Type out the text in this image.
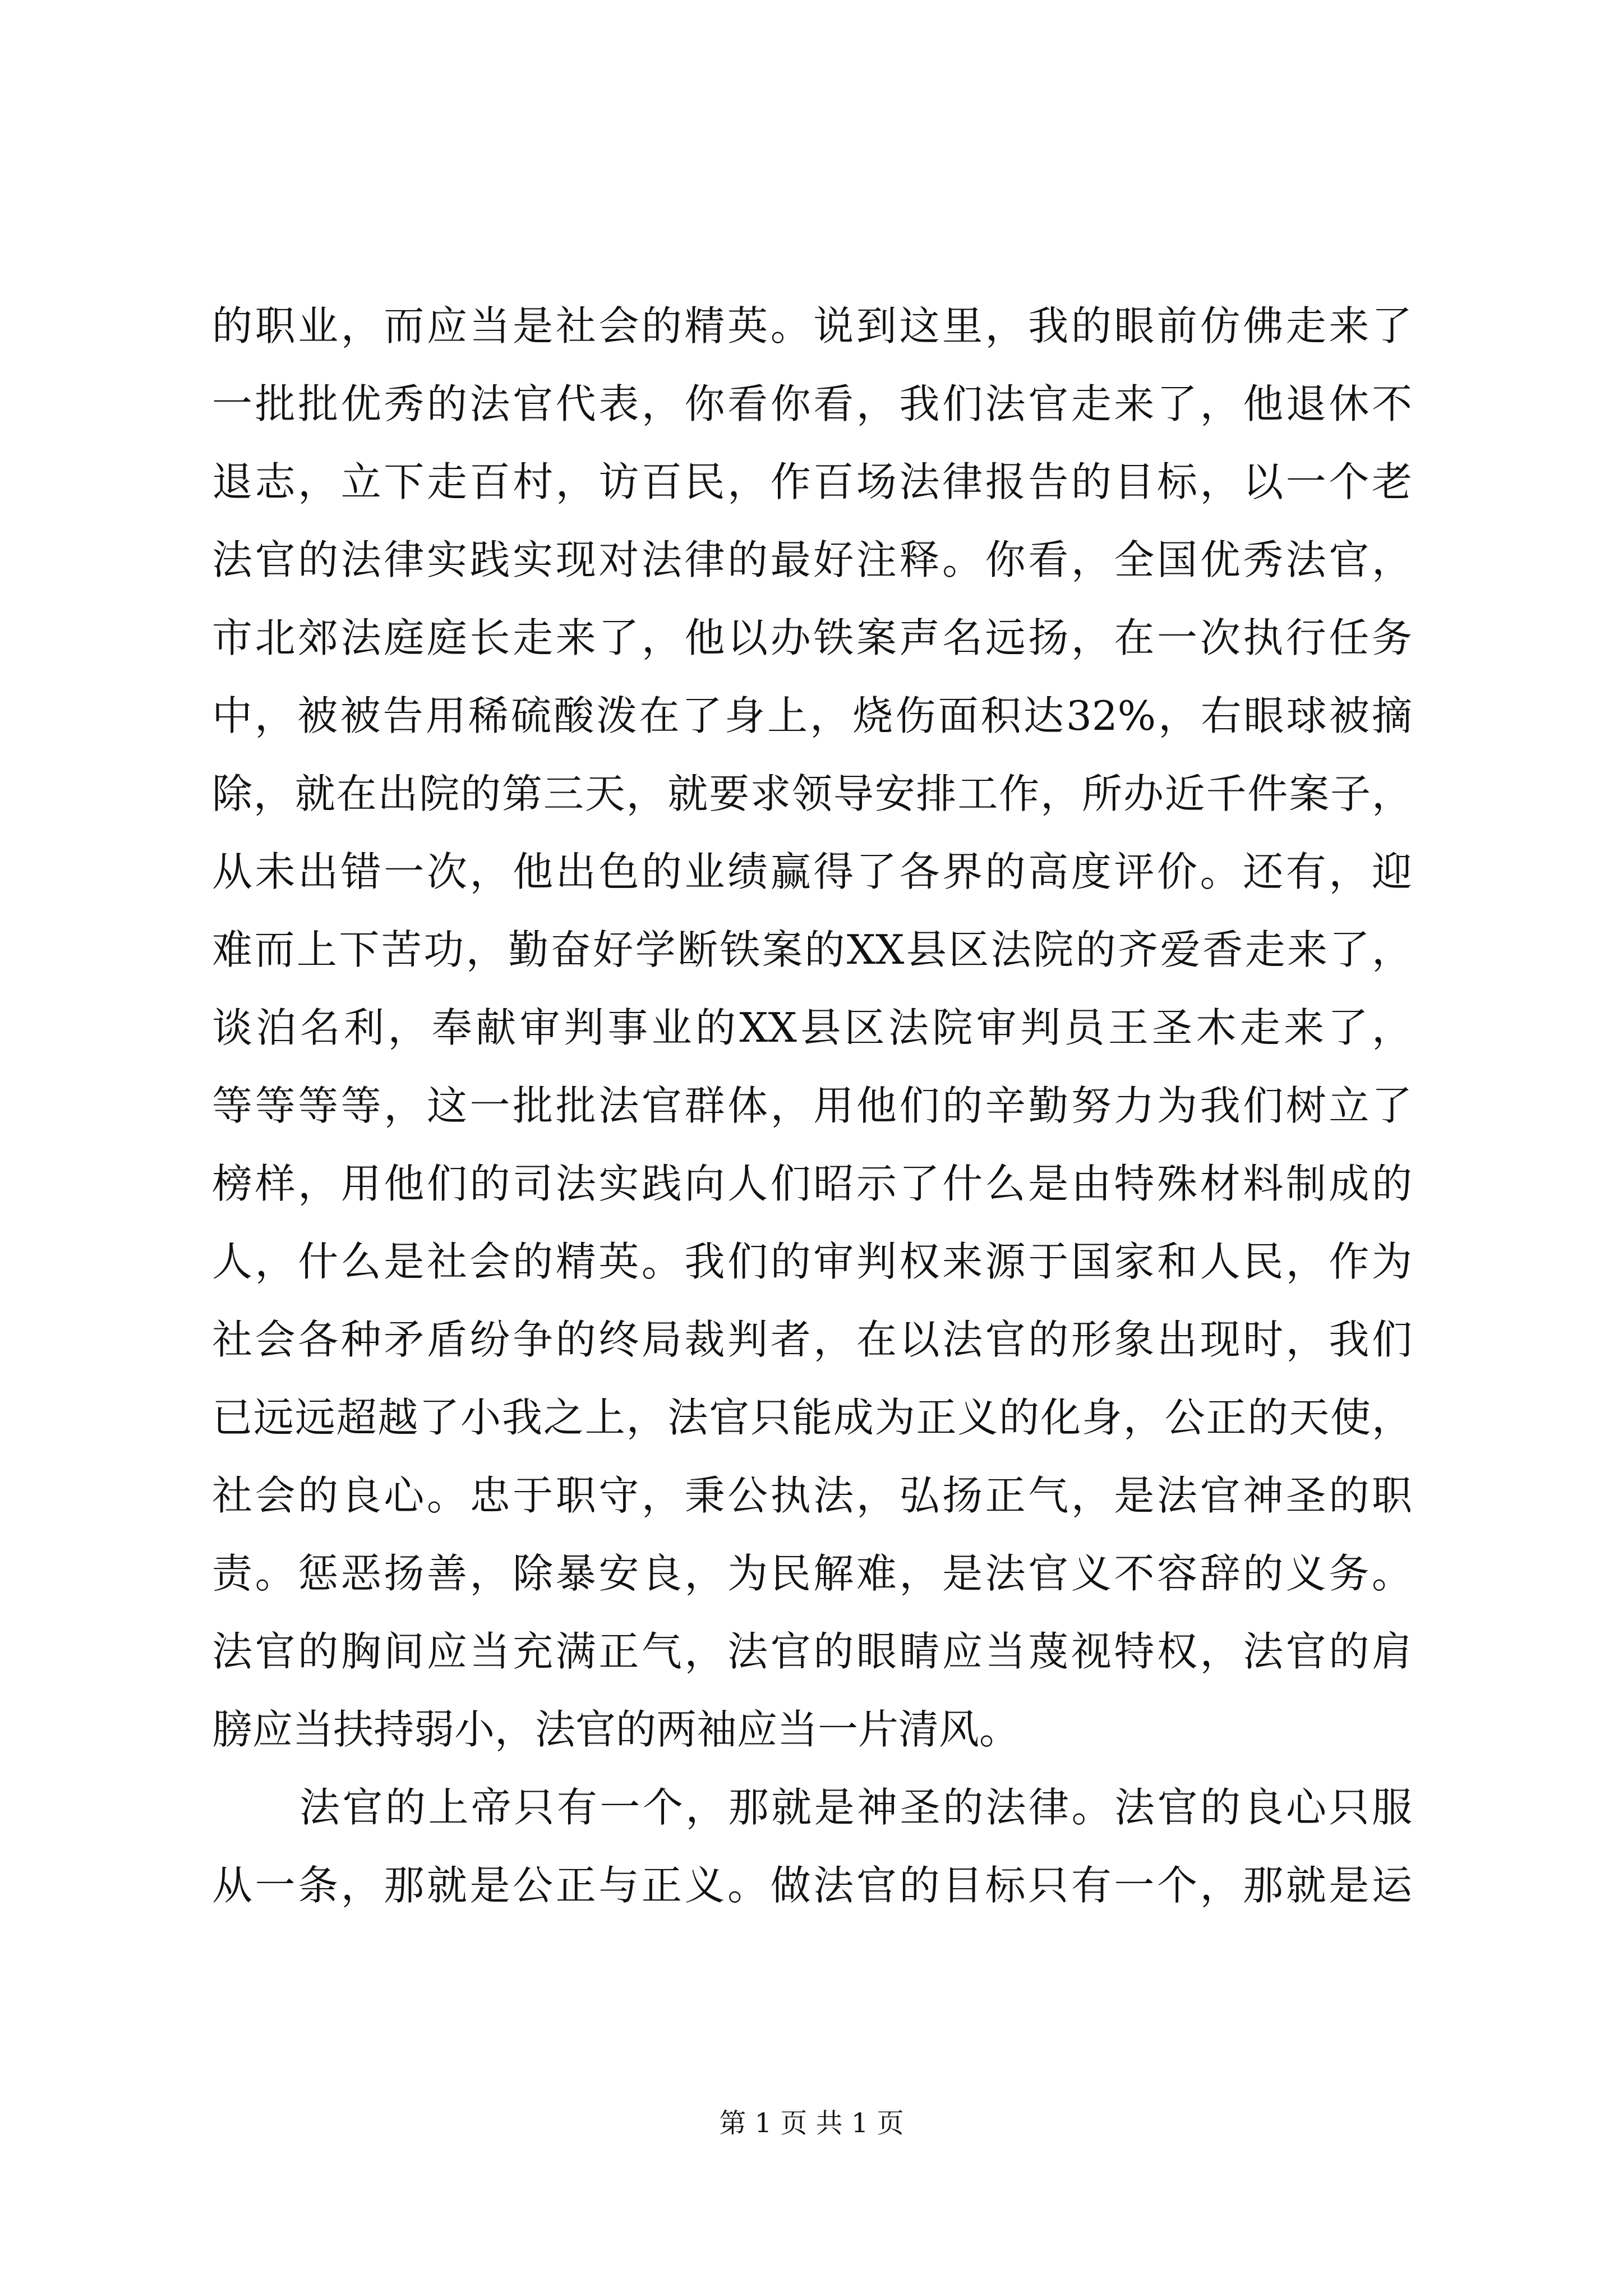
的职业，而应当是社会的精英。说到这里，我的眼前仿佛走来了
一批批优秀的法官代表，你看你看，我们法官走来了，他退休不
退志，立下走百村，访百民，作百场法律报告的目标，以一个老
法官的法律实践实现对法律的最好注释。你看，全国优秀法官，
市北郊法庭庭长走来了，他以办铁案声名远扬，在一次执行任务
中，被被告用稀硫酸泼在了身上，烧伤面积达32%，右眼球被摘
除，就在出院的第三天，就要求领导安排工作，所办近千件案子，
从未出错一次，他出色的业绩赢得了各界的高度评价。还有，迎
难而上下苦功，勤奋好学断铁案的XX县区法院的齐爱香走来了，
谈泊名利，奉献审判事业的XX县区法院审判员王圣木走来了，
等等等等，这一批批法官群体，用他们的辛勤努力为我们树立了
榜样，用他们的司法实践向人们昭示了什么是由特殊材料制成的
人，什么是社会的精英。我们的审判权来源于国家和人民，作为
社会各种矛盾纷争的终局裁判者，在以法官的形象出现时，我们
已远远超越了小我之上，法官只能成为正义的化身，公正的天使，
社会的良心。忠于职守，秉公执法，弘扬正气，是法官神圣的职
责。惩恶扬善，除暴安良，为民解难，是法官义不容辞的义务。
法官的胸间应当充满正气，法官的眼睛应当蔑视特权，法官的肩
膀应当扶持弱小，法官的两袖应当一片清风。
法官的上帝只有一个，那就是神圣的法律。法官的良心只服
从一条，那就是公正与正义。做法官的目标只有一个，那就是运
第 1 页 共 1 页
